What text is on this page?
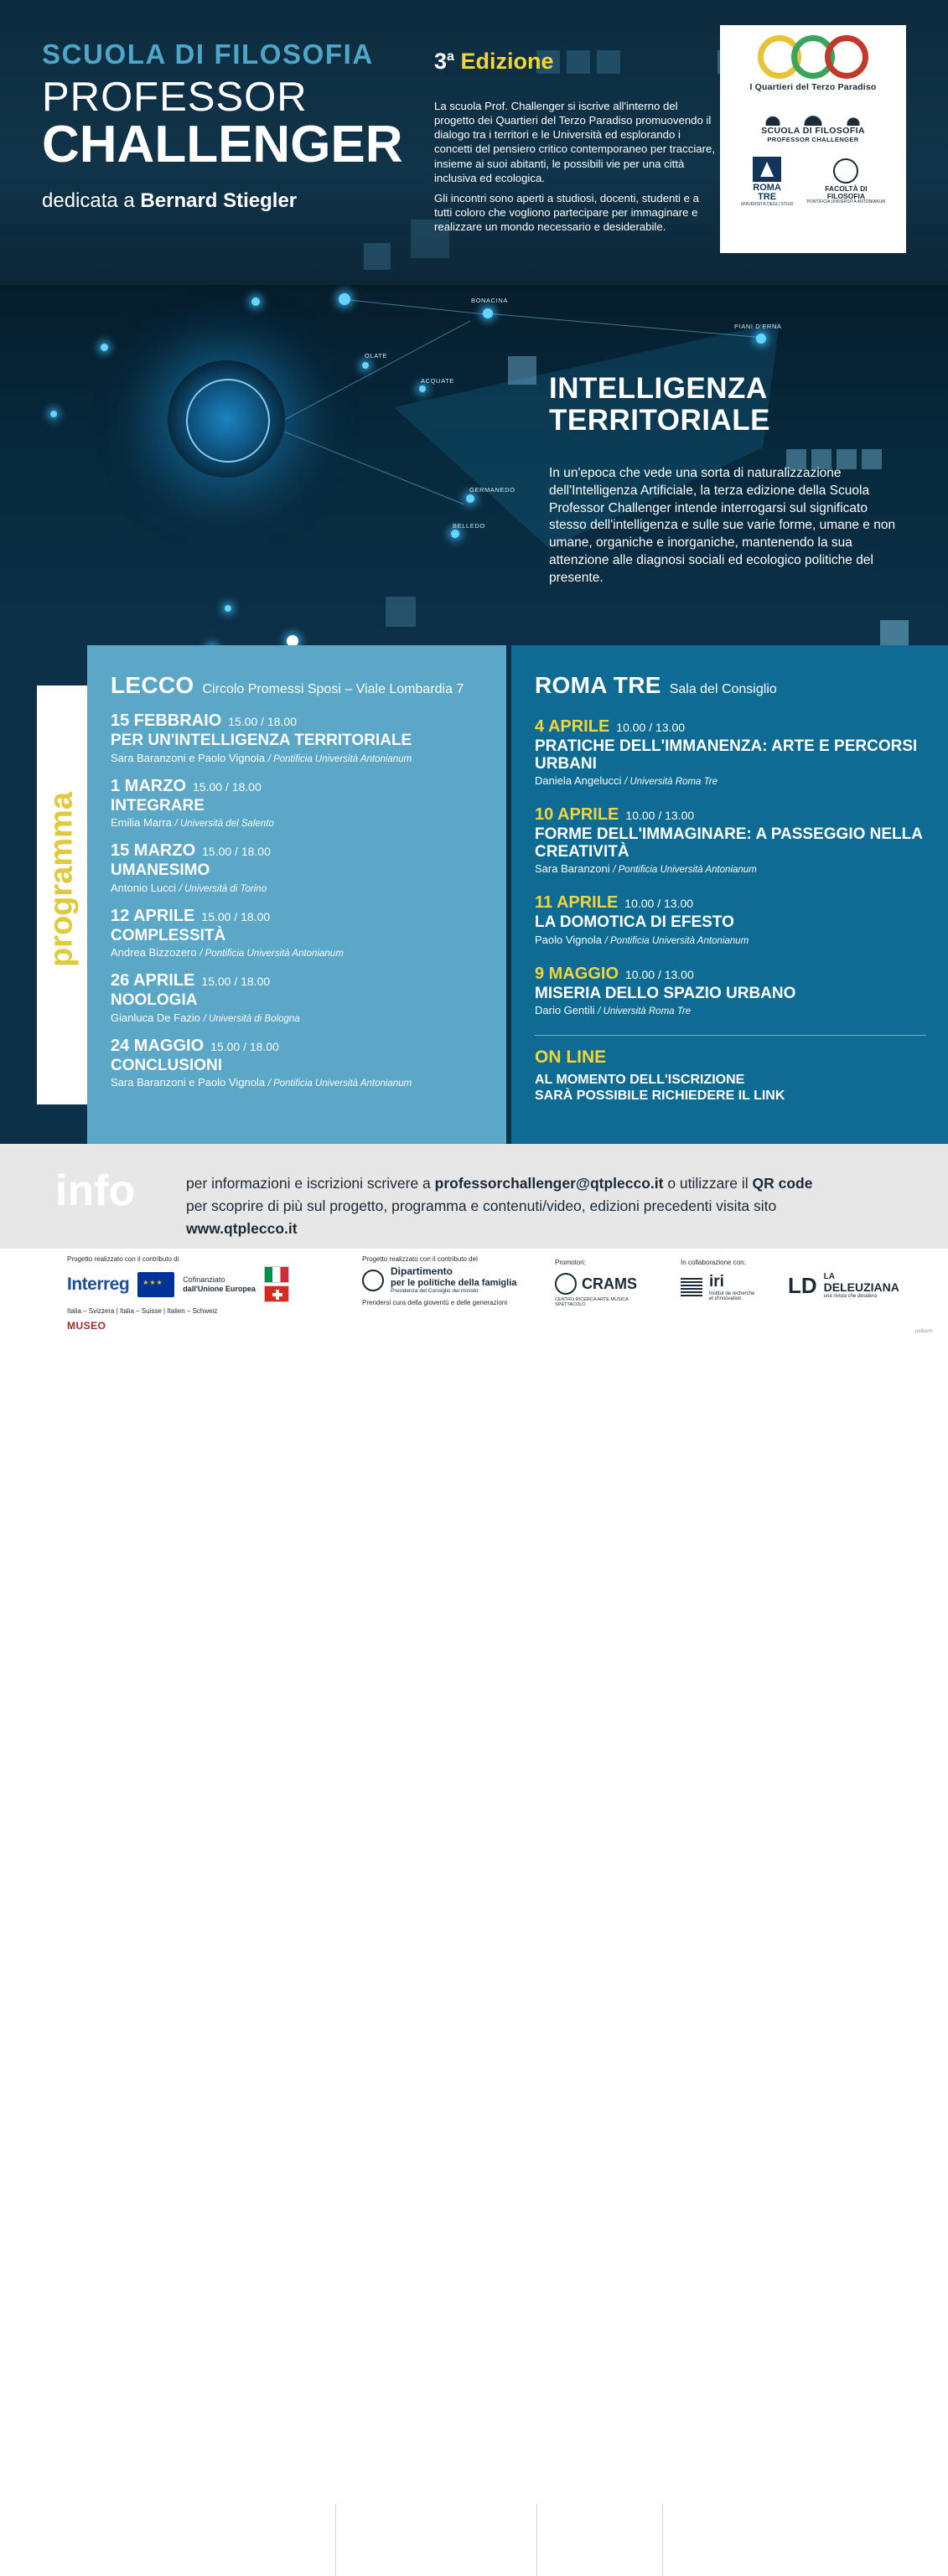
SCUOLA DI FILOSOFIA
PROFESSOR
CHALLENGER
dedicata a Bernard Stiegler
3$^a$ Edizione

La scuola Prof. Challenger si iscrive all'interno del progetto dei Quartieri del Terzo Paradiso promuovendo il dialogo tra i territori e le Università ed esplorando i concetti del pensiero critico contemporaneo per tracciare, insieme ai suoi abitanti, le possibili vie per una città inclusiva ed ecologica.

Gli incontri sono aperti a studiosi, docenti, studenti e a tutti coloro che vogliono partecipare per immaginare e realizzare un mondo necessario e desiderabile.

I Quartieri del Terzo Paradiso
SCUOLA DI FILOSOFIA
PROFESSOR CHALLENGER
ROMA
TRE
UNIVERSITÀ DEGLI STUDI
FACOLTÀ DI
FILOSOFIA
PONTIFICIA UNIVERSITÀ ANTONIANUM
BONACINA
PIANI D'ERNA
OLATE
ACQUATE
GERMANEDO
BELLEDO
INTELLIGENZA
TERRITORIALE
In un'epoca che vede una sorta di naturalizzazione dell'Intelligenza Artificiale, la terza edizione della Scuola Professor Challenger intende interrogarsi sul significato stesso dell'intelligenza e sulle sue varie forme, umane e non umane, organiche e inorganiche, mantenendo la sua attenzione alle diagnosi sociali ed ecologico politiche del presente.
programma
LECCO Circolo Promessi Sposi – Viale Lombardia 7
15 FEBBRAIO 15.00 / 18.00
PER UN'INTELLIGENZA TERRITORIALE
Sara Baranzoni e Paolo Vignola / Pontificia Università Antonianum
1 MARZO 15.00 / 18.00
INTEGRARE
Emilia Marra / Università del Salento
15 MARZO 15.00 / 18.00
UMANESIMO
Antonio Lucci / Università di Torino
12 APRILE 15.00 / 18.00
COMPLESSITÀ
Andrea Bizzozero / Pontificia Università Antonianum
26 APRILE 15.00 / 18.00
NOOLOGIA
Gianluca De Fazio / Università di Bologna
24 MAGGIO 15.00 / 18.00
CONCLUSIONI
Sara Baranzoni e Paolo Vignola / Pontificia Università Antonianum
ROMA TRE Sala del Consiglio
4 APRILE 10.00 / 13.00
PRATICHE DELL'IMMANENZA: ARTE E PERCORSI URBANI
Daniela Angelucci / Università Roma Tre
10 APRILE 10.00 / 13.00
FORME DELL'IMMAGINARE: A PASSEGGIO NELLA CREATIVITÀ
Sara Baranzoni / Pontificia Università Antonianum
11 APRILE 10.00 / 13.00
LA DOMOTICA DI EFESTO
Paolo Vignola / Pontificia Università Antonianum
9 MAGGIO 10.00 / 13.00
MISERIA DELLO SPAZIO URBANO
Dario Gentili / Università Roma Tre
ON LINE
AL MOMENTO DELL'ISCRIZIONE
SARÀ POSSIBILE RICHIEDERE IL LINK
info	per informazioni e iscrizioni scrivere a professorchallenger@qtplecco.it o utilizzare il QR code

per scoprire di più sul progetto, programma e contenuti/video, edizioni precedenti visita sito www.qtplecco.it

Progetto realizzato con il contributo di
Interreg ★★★	Cofinanziato
dall'Unione Europea
Italia – Svizzera | Italia – Suisse | Italien – Schweiz
MUSEO
Progetto realizzato con il contributo del
Dipartimento
per le politiche della famiglia
Presidenza del Consiglio dei ministri
Prendersi cura della gioventù e delle generazioni
Promotori:
CRAMS
CENTRO RICERCA ARTE MUSICA SPETTACOLO
In collaborazione con:
iri
Institut de recherche
et d'innovation
LD LA
DELEUZIANA
una rivista che desidera
pallasm
